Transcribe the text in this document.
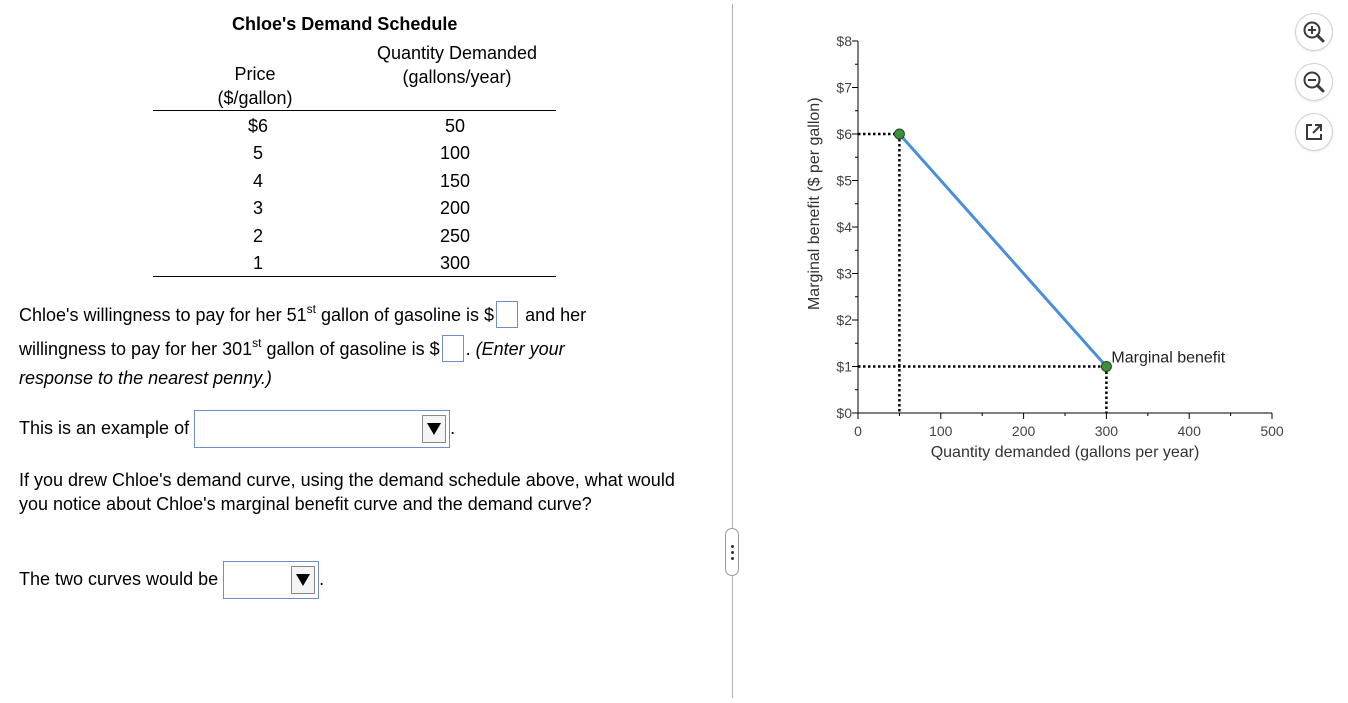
Chloe's Demand Schedule
Price
($/gallon)
Quantity Demanded
(gallons/year)
$6	50
5	100
4	150
3	200
2	250
1	300
Chloe's willingness to pay for her 51st gallon of gasoline is $ and her
willingness to pay for her 301st gallon of gasoline is $ . (Enter your
response to the nearest penny.)
This is an example of	.
If you drew Chloe's demand curve, using the demand schedule above, what would you notice about Chloe's marginal benefit curve and the demand curve?
The two curves would be	.
$0
$1
$2
$3
$4
$5
$6
$7
$8
0	100	200	300	400	500
Quantity demanded (gallons per year)
Marginal benefit ($ per gallon)
Marginal benefit
